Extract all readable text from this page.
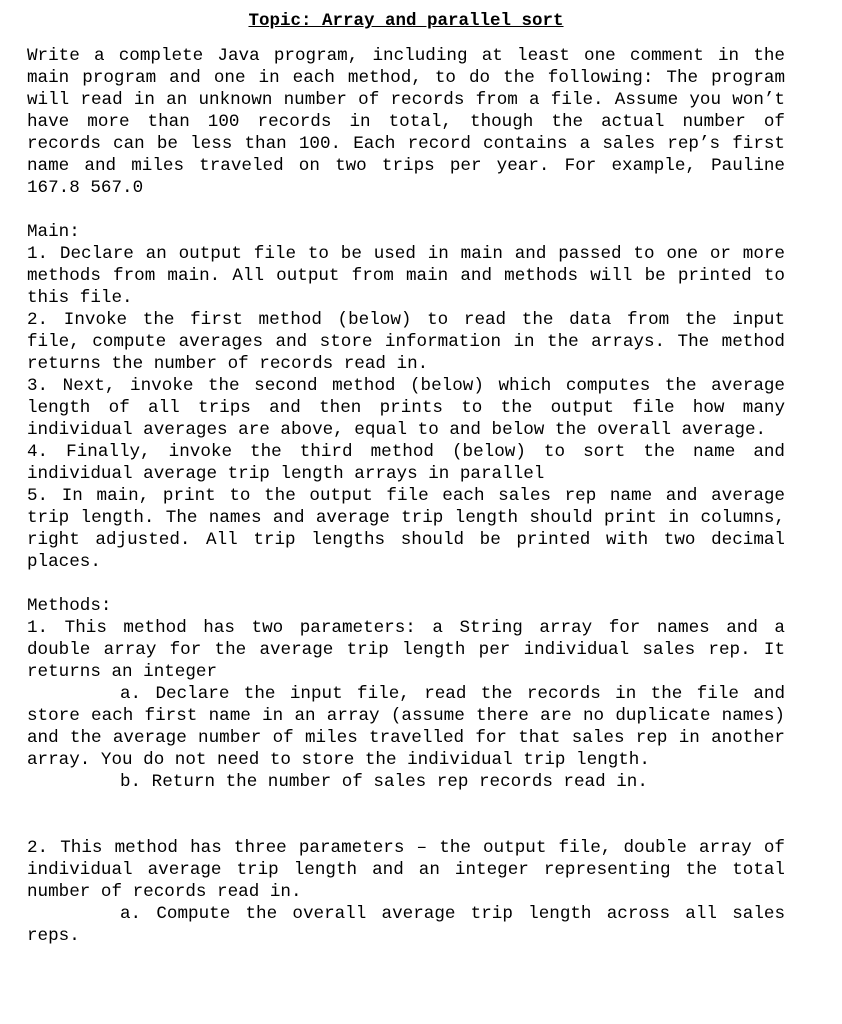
Topic: Array and parallel sort

Write a complete Java program, including at least one comment in the main program and one in each method, to do the following: The program will read in an unknown number of records from a file. Assume you won’t have more than 100 records in total, though the actual number of records can be less than 100. Each record contains a sales rep’s first name and miles traveled on two trips per year. For example, Pauline 167.8 567.0

Main:

1. Declare an output file to be used in main and passed to one or more methods from main. All output from main and methods will be printed to this file.

2. Invoke the first method (below) to read the data from the input file, compute averages and store information in the arrays. The method returns the number of records read in.

3. Next, invoke the second method (below) which computes the average length of all trips and then prints to the output file how many individual averages are above, equal to and below the overall average.

4. Finally, invoke the third method (below) to sort the name and individual average trip length arrays in parallel

5. In main, print to the output file each sales rep name and average trip length. The names and average trip length should print in columns, right adjusted. All trip lengths should be printed with two decimal places.

Methods:

1. This method has two parameters: a String array for names and a double array for the average trip length per individual sales rep. It returns an integer

a. Declare the input file, read the records in the file and store each first name in an array (assume there are no duplicate names) and the average number of miles travelled for that sales rep in another array. You do not need to store the individual trip length.

b. Return the number of sales rep records read in.

2. This method has three parameters – the output file, double array of individual average trip length and an integer representing the total number of records read in.

a. Compute the overall average trip length across all sales reps.
